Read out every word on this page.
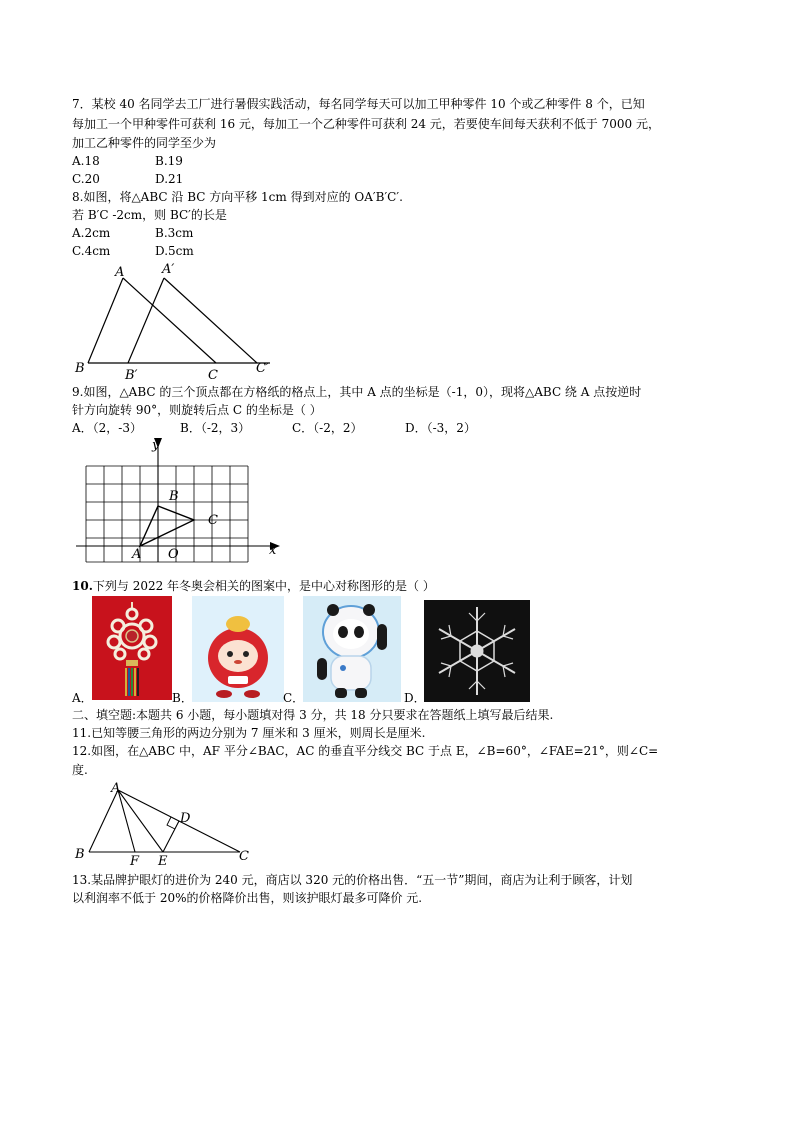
7．某校 40 名同学去工厂进行暑假实践活动，每名同学每天可以加工甲种零件 10 个或乙种零件 8 个，已知
每加工一个甲种零件可获利 16 元，每加工一个乙种零件可获利 24 元，若要使车间每天获利不低于 7000 元，
加工乙种零件的同学至少为
A.18	B.19
C.20	D.21
8.如图，将△ABC 沿 BC 方向平移 1cm 得到对应的 OA′B′C′.
若 B′C -2cm，则 BC′的长是
A.2cm	B.3cm
C.4cm	D.5cm
A	A′
B	B′	C	C′
9.如图，△ABC 的三个顶点都在方格纸的格点上，其中 A 点的坐标是（-1，0），现将△ABC 绕 A 点按逆时
针方向旋转 90°，则旋转后点 C 的坐标是（ ）
A．（2，-3）	B．（-2，3）	C．（-2，2）	D．（-3，2）
y
x
B
C
A O
10.下列与 2022 年冬奥会相关的图案中，是中心对称图形的是（ ）
A．	B．	C．	D．
二、填空题:本题共 6 小题，每小题填对得 3 分，共 18 分只要求在答题纸上填写最后结果.
11.已知等腰三角形的两边分别为 7 厘米和 3 厘米，则周长是厘米.
12.如图，在△ABC 中，AF 平分∠BAC，AC 的垂直平分线交 BC 于点 E，∠B=60°，∠FAE=21°，则∠C=
度.
A
D
B	F E	C
13.某品牌护眼灯的进价为 240 元，商店以 320 元的价格出售．“五一节”期间，商店为让利于顾客，计划
以利润率不低于 20%的价格降价出售，则该护眼灯最多可降价 元.
